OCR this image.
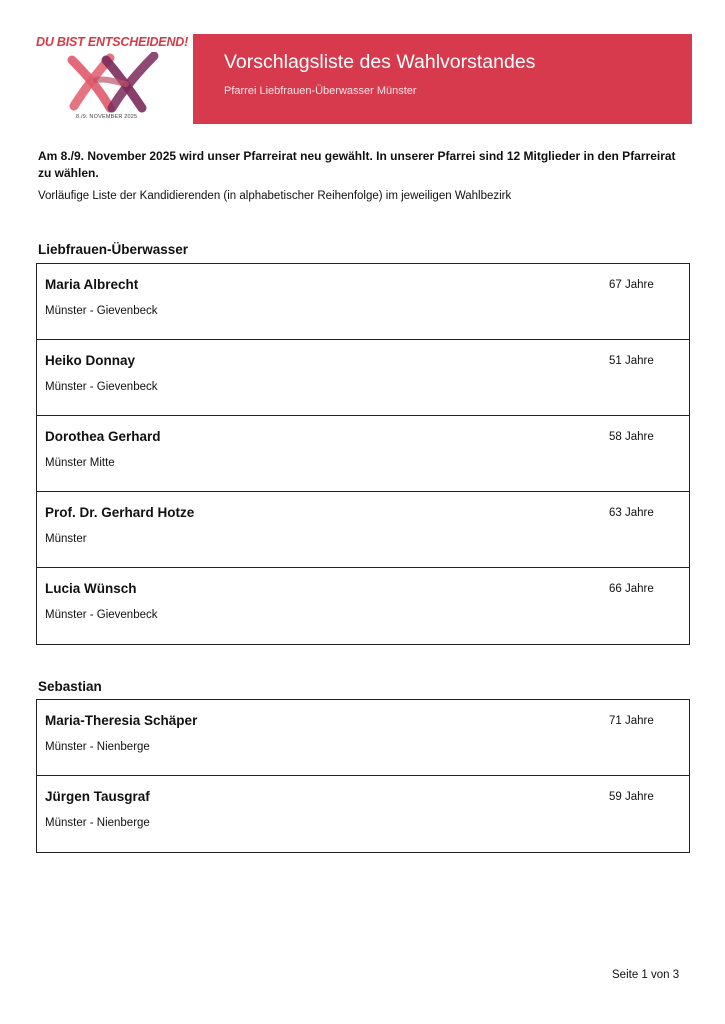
DU BIST ENTSCHEIDEND!
8./9. NOVEMBER 2025
Vorschlagsliste des Wahlvorstandes
Pfarrei Liebfrauen-Überwasser Münster

Am 8./9. November 2025 wird unser Pfarreirat neu gewählt. In unserer Pfarrei sind 12 Mitglieder in den Pfarreirat zu wählen.

Vorläufige Liste der Kandidierenden (in alphabetischer Reihenfolge) im jeweiligen Wahlbezirk

Liebfrauen-Überwasser
Maria Albrecht
Münster - Gievenbeck
67 Jahre
Heiko Donnay
Münster - Gievenbeck
51 Jahre
Dorothea Gerhard
Münster Mitte
58 Jahre
Prof. Dr. Gerhard Hotze
Münster
63 Jahre
Lucia Wünsch
Münster - Gievenbeck
66 Jahre
Sebastian
Maria-Theresia Schäper
Münster - Nienberge
71 Jahre
Jürgen Tausgraf
Münster - Nienberge
59 Jahre
Seite 1 von 3
